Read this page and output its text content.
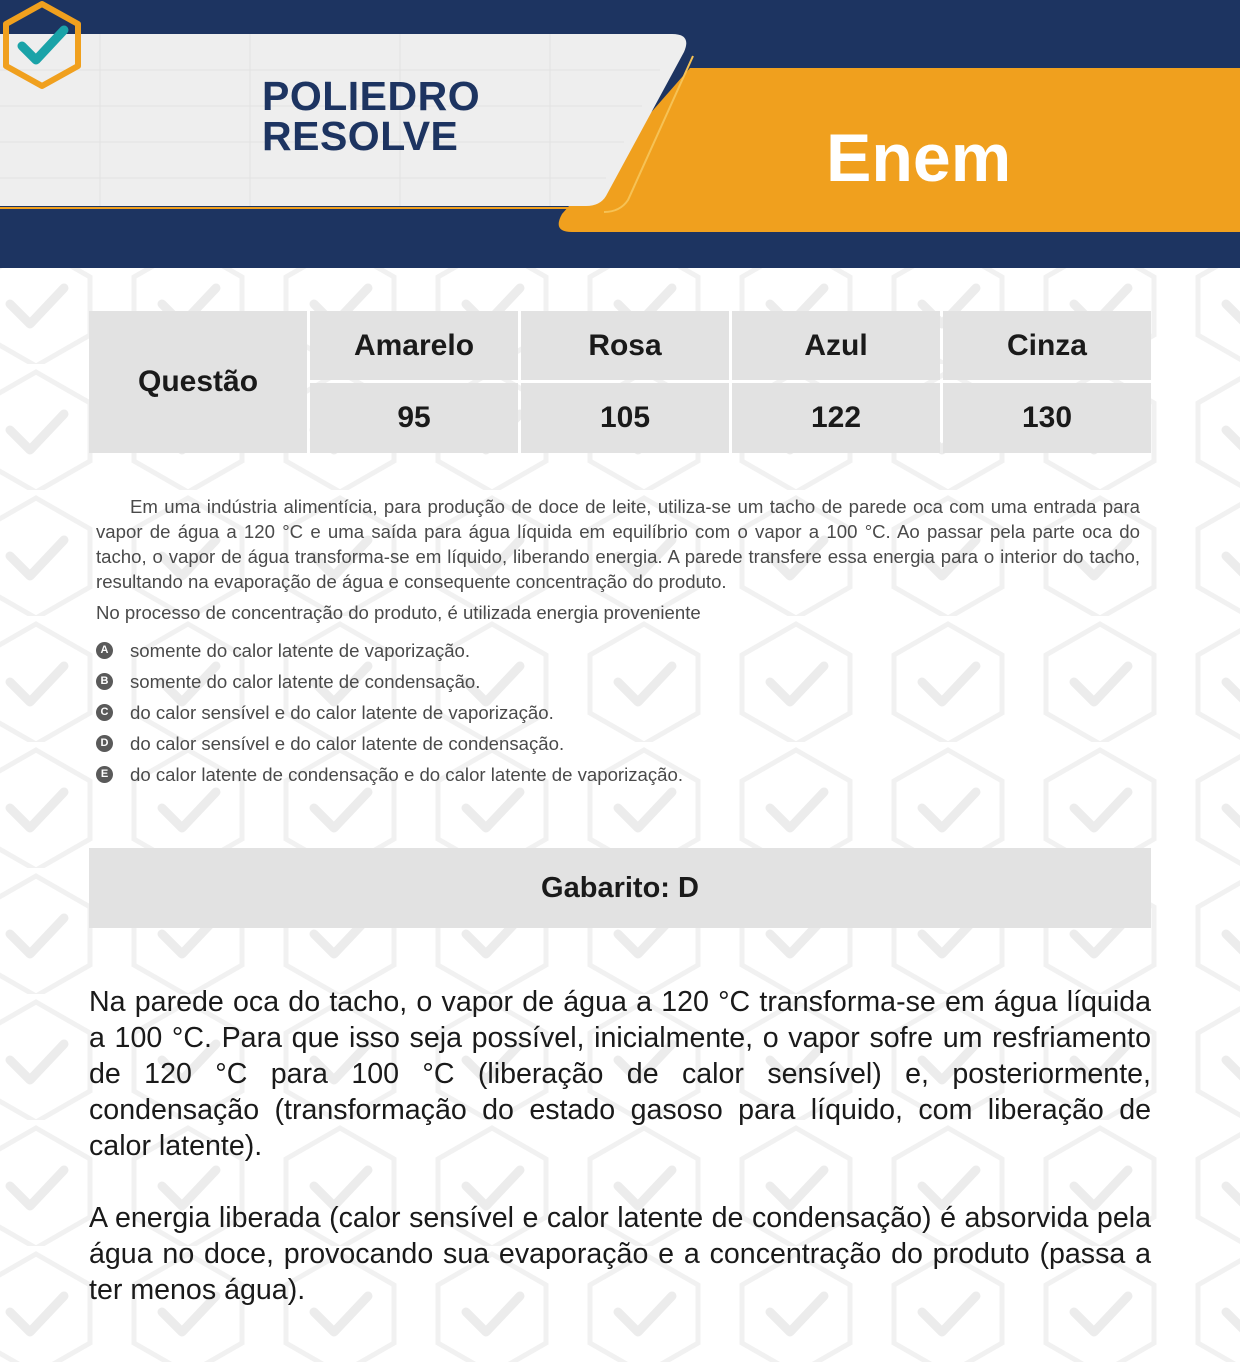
POLIEDRO
RESOLVE	Enem
Questão
Amarelo	Rosa	Azul	Cinza
95	105	122	130

Em uma indústria alimentícia, para produção de doce de leite, utiliza-se um tacho de parede oca com uma entrada para vapor de água a 120 °C e uma saída para água líquida em equilíbrio com o vapor a 100 °C. Ao passar pela parte oca do tacho, o vapor de água transforma-se em líquido, liberando energia. A parede transfere essa energia para o interior do tacho, resultando na evaporação de água e consequente concentração do produto.

No processo de concentração do produto, é utilizada energia proveniente

A somente do calor latente de vaporização.
B somente do calor latente de condensação.
C do calor sensível e do calor latente de vaporização.
D do calor sensível e do calor latente de condensação.
E do calor latente de condensação e do calor latente de vaporização.
Gabarito: D

Na parede oca do tacho, o vapor de água a 120 °C transforma-se em água líquida a 100 °C. Para que isso seja possível, inicialmente, o vapor sofre um resfriamento de 120 °C para 100 °C (liberação de calor sensível) e, posteriormente, condensação (transformação do estado gasoso para líquido, com liberação de calor latente).

A energia liberada (calor sensível e calor latente de condensação) é absorvida pela água no doce, provocando sua evaporação e a concentração do produto (passa a ter menos água).
